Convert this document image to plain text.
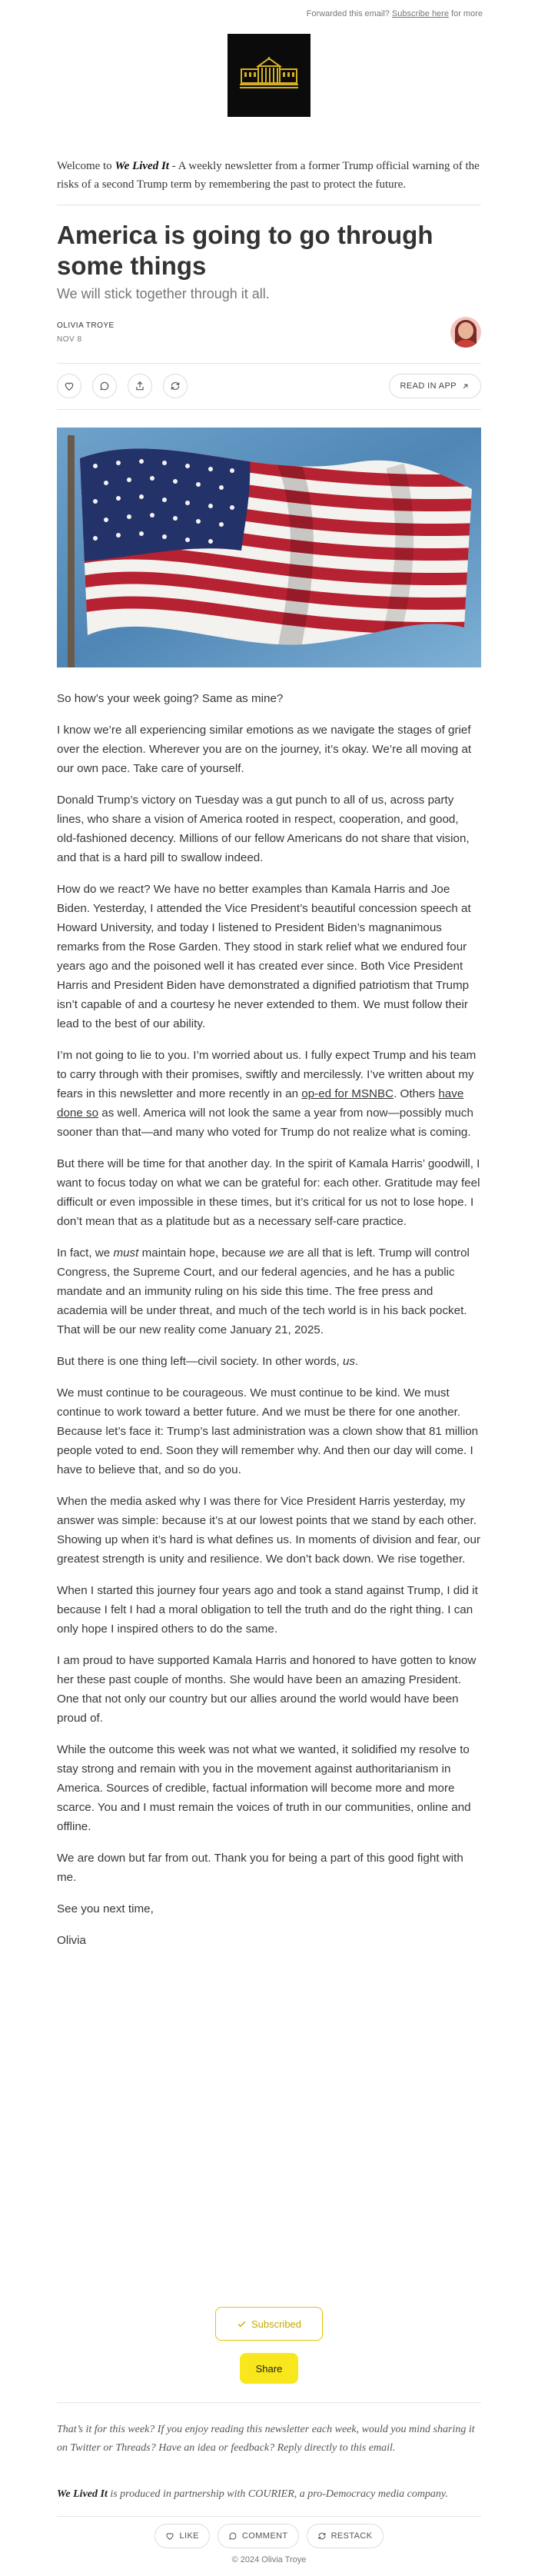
Forwarded this email? Subscribe here for more
Welcome to We Lived It - A weekly newsletter from a former Trump official warning of the risks of a second Trump term by remembering the past to protect the future.
America is going to go through some things
We will stick together through it all.
OLIVIA TROYE
NOV 8
READ IN APP

So how’s your week going? Same as mine?

I know we’re all experiencing similar emotions as we navigate the stages of grief over the election. Wherever you are on the journey, it’s okay. We’re all moving at our own pace. Take care of yourself.

Donald Trump’s victory on Tuesday was a gut punch to all of us, across party lines, who share a vision of America rooted in respect, cooperation, and good, old-fashioned decency. Millions of our fellow Americans do not share that vision, and that is a hard pill to swallow indeed.

How do we react? We have no better examples than Kamala Harris and Joe Biden. Yesterday, I attended the Vice President’s beautiful concession speech at Howard University, and today I listened to President Biden’s magnanimous remarks from the Rose Garden. They stood in stark relief what we endured four years ago and the poisoned well it has created ever since. Both Vice President Harris and President Biden have demonstrated a dignified patriotism that Trump isn’t capable of and a courtesy he never extended to them. We must follow their lead to the best of our ability.

I’m not going to lie to you. I’m worried about us. I fully expect Trump and his team to carry through with their promises, swiftly and mercilessly. I’ve written about my fears in this newsletter and more recently in an op-ed for MSNBC. Others have done so as well. America will not look the same a year from now—possibly much sooner than that—and many who voted for Trump do not realize what is coming.

But there will be time for that another day. In the spirit of Kamala Harris’ goodwill, I want to focus today on what we can be grateful for: each other. Gratitude may feel difficult or even impossible in these times, but it’s critical for us not to lose hope. I don’t mean that as a platitude but as a necessary self-care practice.

In fact, we must maintain hope, because we are all that is left. Trump will control Congress, the Supreme Court, and our federal agencies, and he has a public mandate and an immunity ruling on his side this time. The free press and academia will be under threat, and much of the tech world is in his back pocket. That will be our new reality come January 21, 2025.

But there is one thing left—civil society. In other words, us.

We must continue to be courageous. We must continue to be kind. We must continue to work toward a better future. And we must be there for one another. Because let’s face it: Trump’s last administration was a clown show that 81 million people voted to end. Soon they will remember why. And then our day will come. I have to believe that, and so do you.

When the media asked why I was there for Vice President Harris yesterday, my answer was simple: because it’s at our lowest points that we stand by each other. Showing up when it’s hard is what defines us. In moments of division and fear, our greatest strength is unity and resilience. We don’t back down. We rise together.

When I started this journey four years ago and took a stand against Trump, I did it because I felt I had a moral obligation to tell the truth and do the right thing. I can only hope I inspired others to do the same.

I am proud to have supported Kamala Harris and honored to have gotten to know her these past couple of months. She would have been an amazing President. One that not only our country but our allies around the world would have been proud of.

While the outcome this week was not what we wanted, it solidified my resolve to stay strong and remain with you in the movement against authoritarianism in America. Sources of credible, factual information will become more and more scarce. You and I must remain the voices of truth in our communities, online and offline.

We are down but far from out. Thank you for being a part of this good fight with me.

See you next time,

Olivia

Subscribed
Share
That’s it for this week? If you enjoy reading this newsletter each week, would you mind sharing it on Twitter or Threads? Have an idea or feedback? Reply directly to this email.
We Lived It is produced in partnership with COURIER, a pro-Democracy media company.
LIKE	COMMENT	RESTACK
© 2024 Olivia Troye
